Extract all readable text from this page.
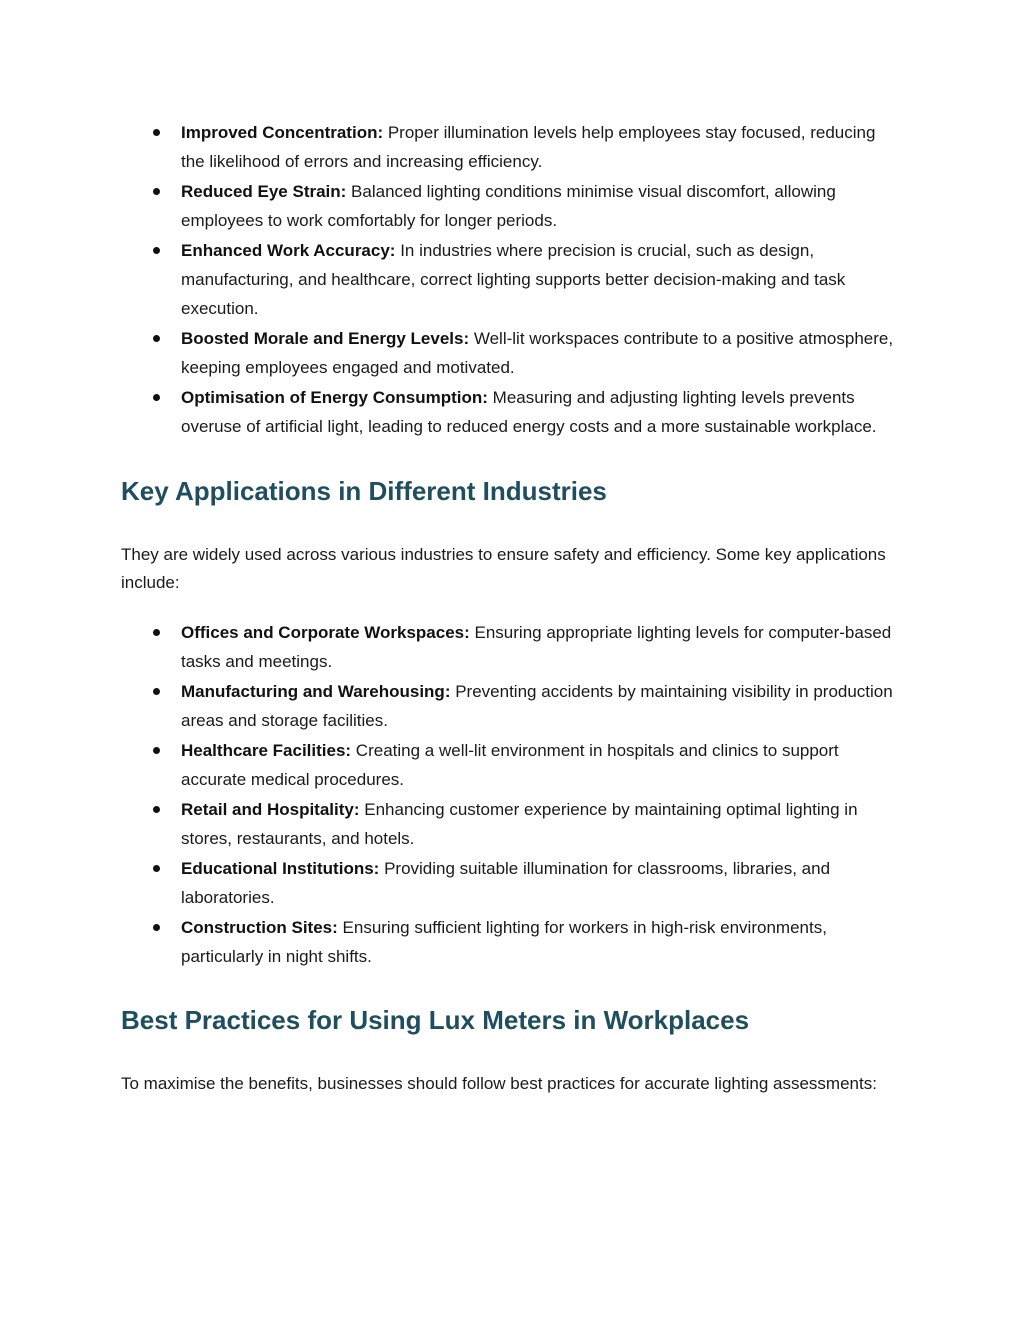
Improved Concentration: Proper illumination levels help employees stay focused, reducing the likelihood of errors and increasing efficiency.
Reduced Eye Strain: Balanced lighting conditions minimise visual discomfort, allowing employees to work comfortably for longer periods.
Enhanced Work Accuracy: In industries where precision is crucial, such as design, manufacturing, and healthcare, correct lighting supports better decision-making and task execution.
Boosted Morale and Energy Levels: Well-lit workspaces contribute to a positive atmosphere, keeping employees engaged and motivated.
Optimisation of Energy Consumption: Measuring and adjusting lighting levels prevents overuse of artificial light, leading to reduced energy costs and a more sustainable workplace.
Key Applications in Different Industries

They are widely used across various industries to ensure safety and efficiency. Some key applications include:

Offices and Corporate Workspaces: Ensuring appropriate lighting levels for computer-based tasks and meetings.
Manufacturing and Warehousing: Preventing accidents by maintaining visibility in production areas and storage facilities.
Healthcare Facilities: Creating a well-lit environment in hospitals and clinics to support accurate medical procedures.
Retail and Hospitality: Enhancing customer experience by maintaining optimal lighting in stores, restaurants, and hotels.
Educational Institutions: Providing suitable illumination for classrooms, libraries, and laboratories.
Construction Sites: Ensuring sufficient lighting for workers in high-risk environments, particularly in night shifts.
Best Practices for Using Lux Meters in Workplaces

To maximise the benefits, businesses should follow best practices for accurate lighting assessments:
